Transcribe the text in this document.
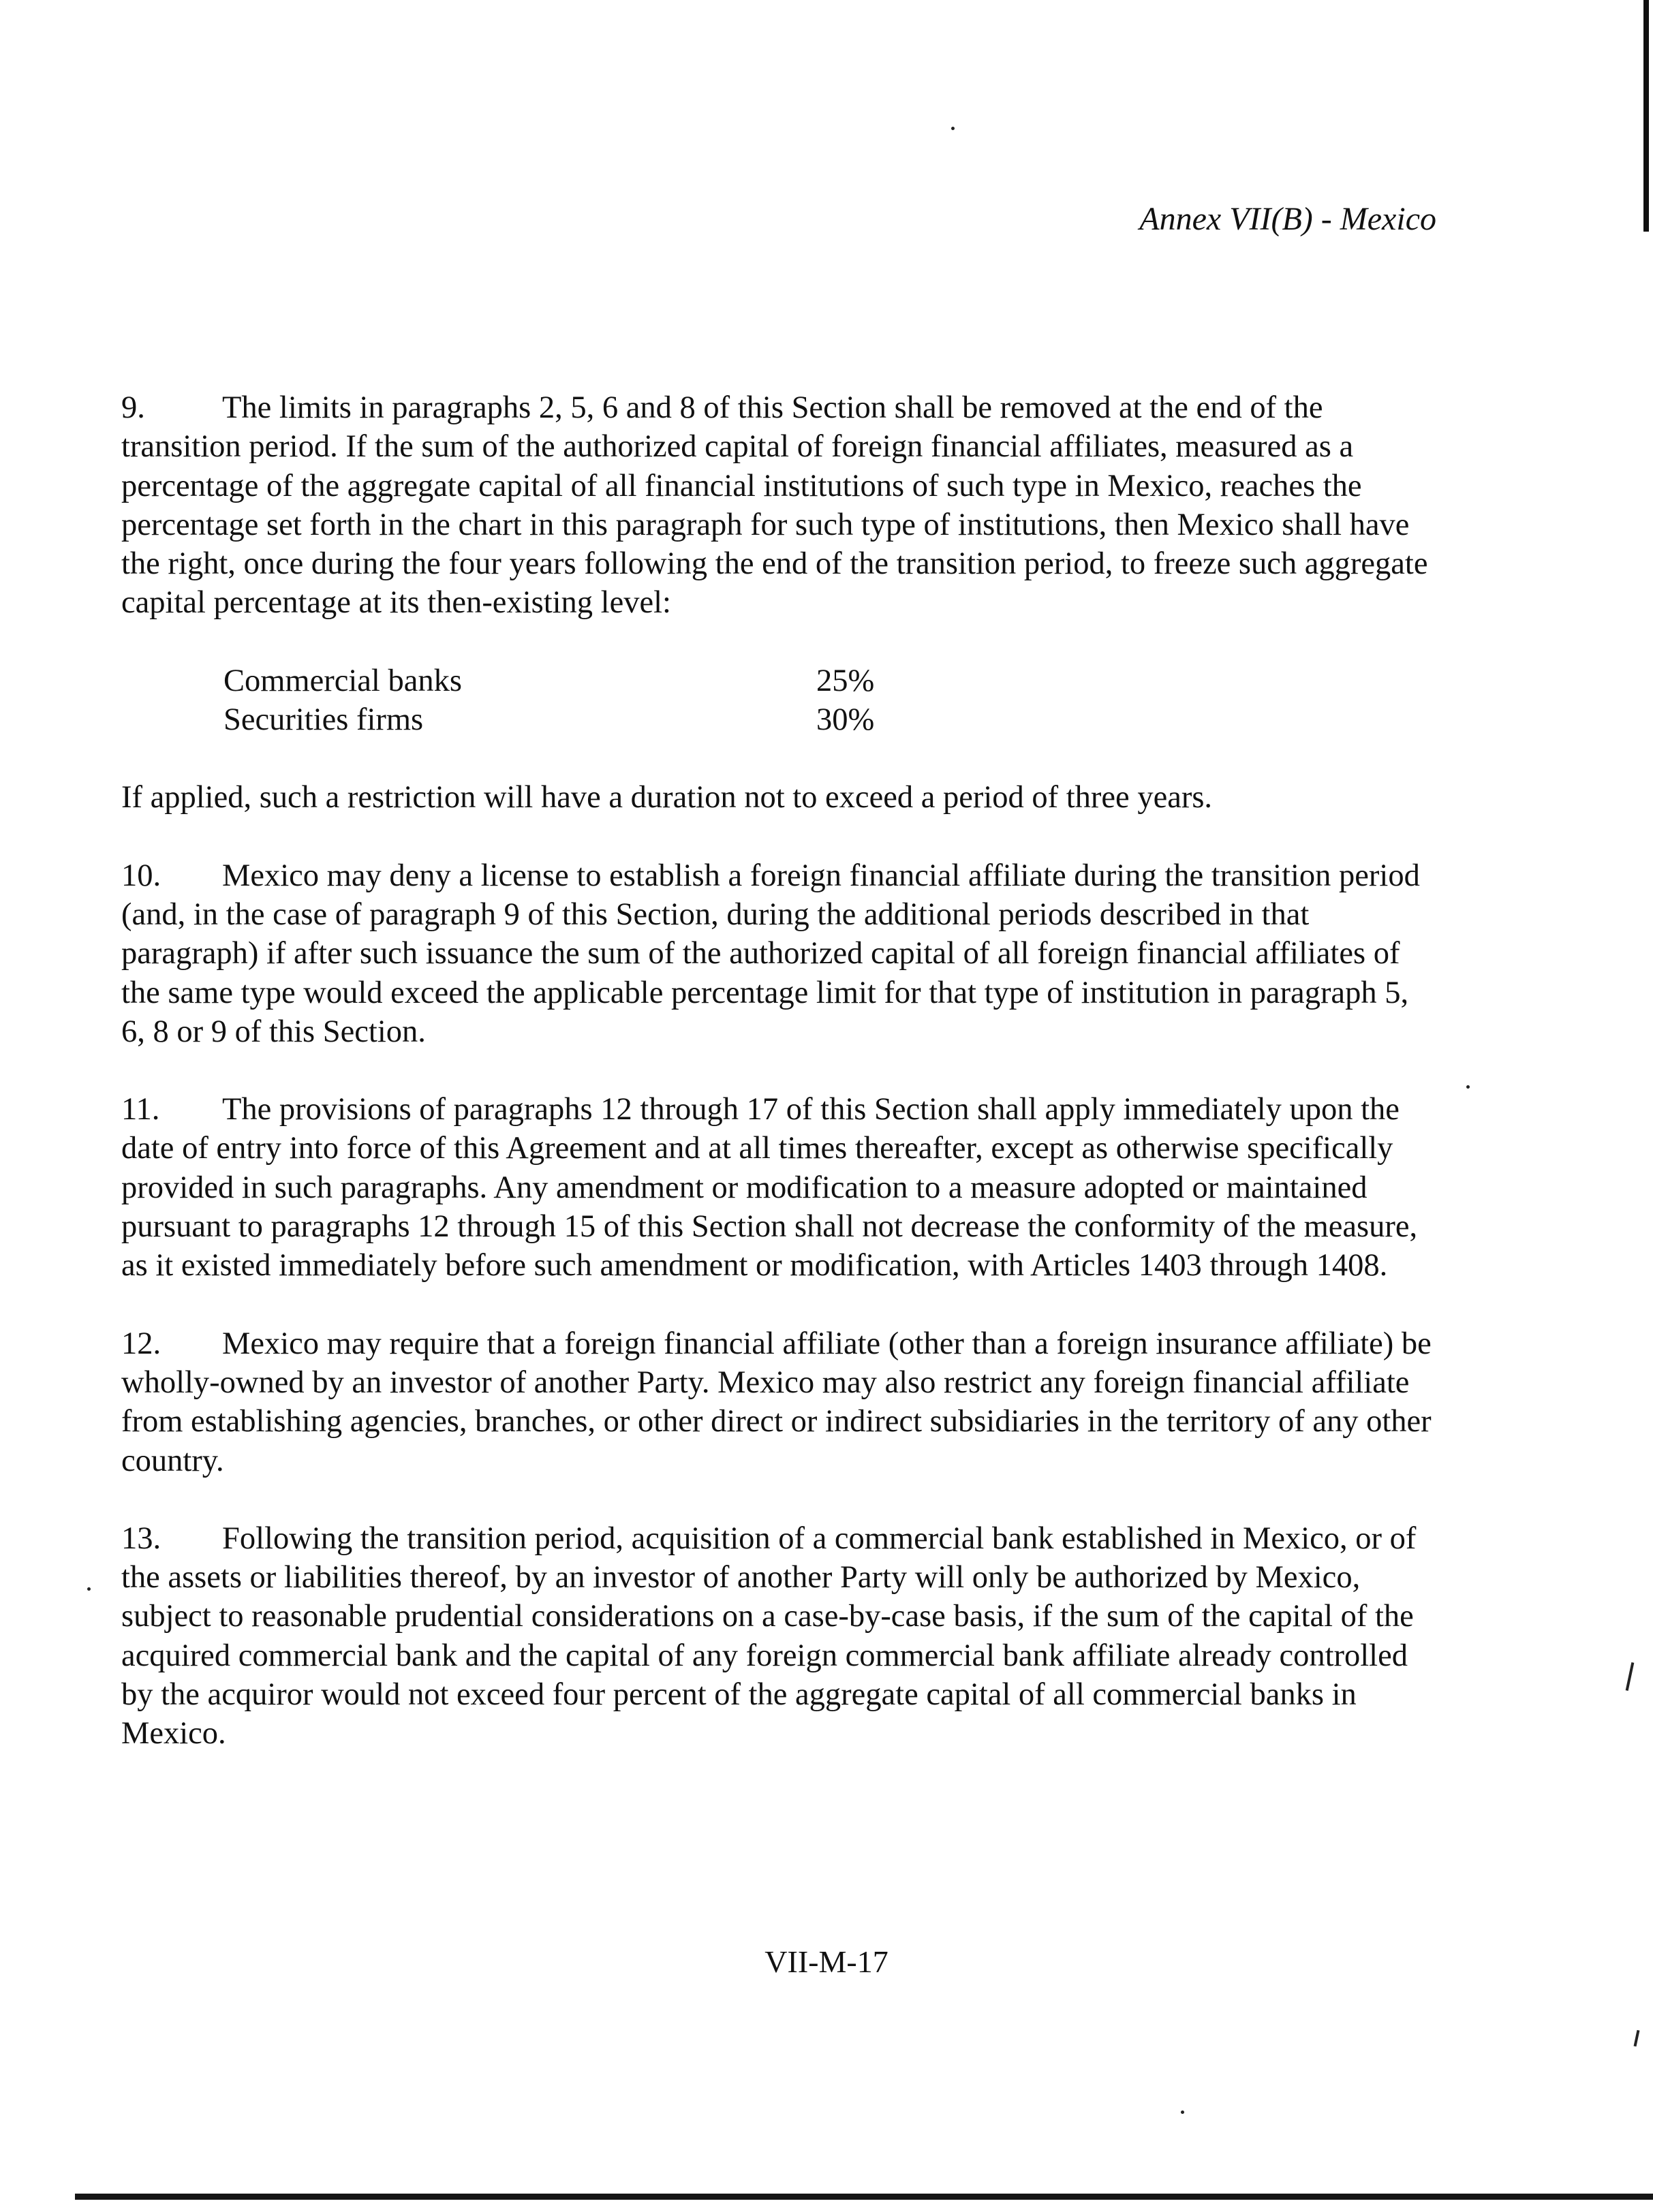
Annex VII(B) - Mexico

9. The limits in paragraphs 2, 5, 6 and 8 of this Section shall be removed at the end of the transition period. If the sum of the authorized capital of foreign financial affiliates, measured as a percentage of the aggregate capital of all financial institutions of such type in Mexico, reaches the percentage set forth in the chart in this paragraph for such type of institutions, then Mexico shall have the right, once during the four years following the end of the transition period, to freeze such aggregate capital percentage at its then-existing level:

Commercial banks	25%
Securities firms	30%

If applied, such a restriction will have a duration not to exceed a period of three years.

10. Mexico may deny a license to establish a foreign financial affiliate during the transition period (and, in the case of paragraph 9 of this Section, during the additional periods described in that paragraph) if after such issuance the sum of the authorized capital of all foreign financial affiliates of the same type would exceed the applicable percentage limit for that type of institution in paragraph 5, 6, 8 or 9 of this Section.

11. The provisions of paragraphs 12 through 17 of this Section shall apply immediately upon the date of entry into force of this Agreement and at all times thereafter, except as otherwise specifically provided in such paragraphs. Any amendment or modification to a measure adopted or maintained pursuant to paragraphs 12 through 15 of this Section shall not decrease the conformity of the measure, as it existed immediately before such amendment or modification, with Articles 1403 through 1408.

12. Mexico may require that a foreign financial affiliate (other than a foreign insurance affiliate) be wholly-owned by an investor of another Party. Mexico may also restrict any foreign financial affiliate from establishing agencies, branches, or other direct or indirect subsidiaries in the territory of any other country.

13. Following the transition period, acquisition of a commercial bank established in Mexico, or of the assets or liabilities thereof, by an investor of another Party will only be authorized by Mexico, subject to reasonable prudential considerations on a case-by-case basis, if the sum of the capital of the acquired commercial bank and the capital of any foreign commercial bank affiliate already controlled by the acquiror would not exceed four percent of the aggregate capital of all commercial banks in Mexico.

VII-M-17
